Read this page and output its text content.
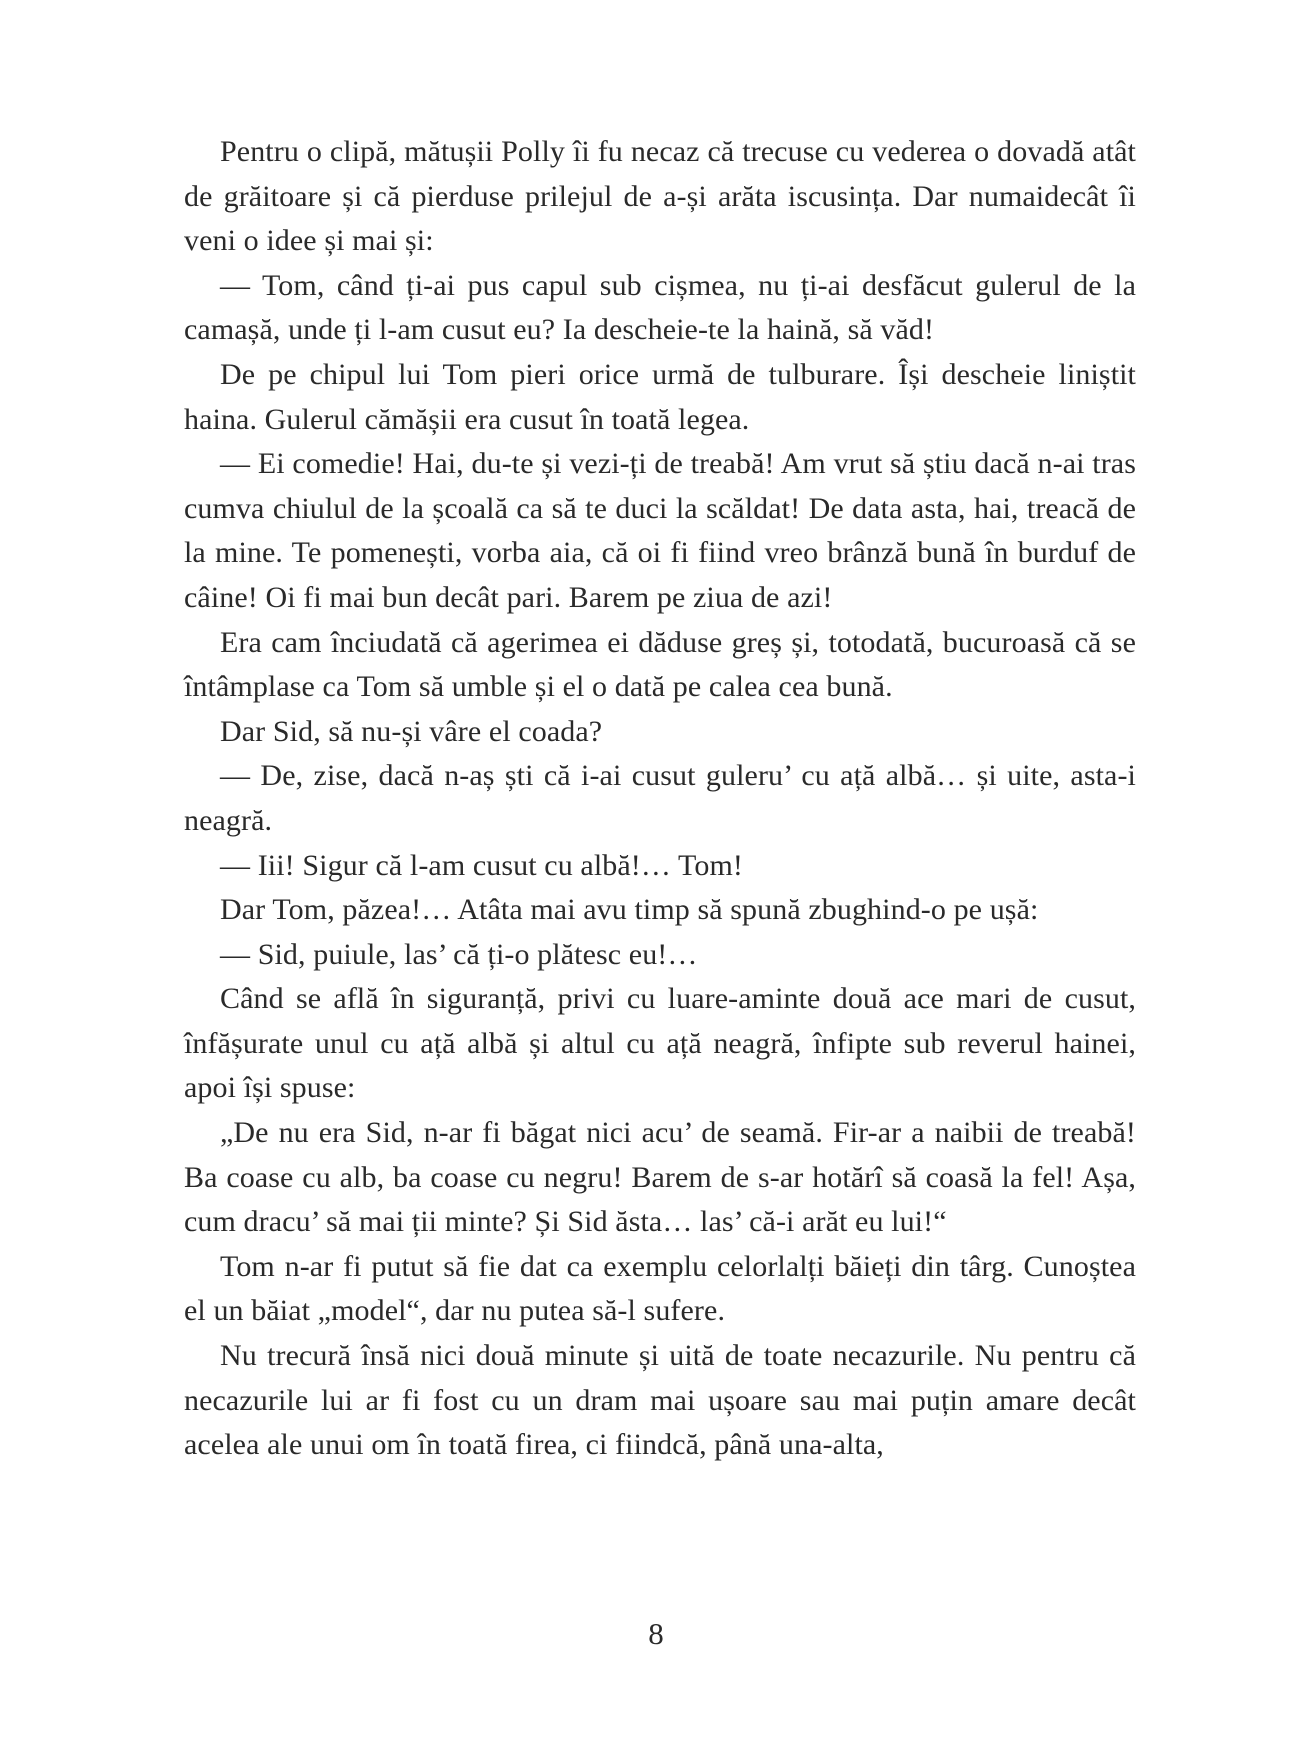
Pentru o clipă, mătușii Polly îi fu necaz că trecuse cu vederea o dovadă atât de grăitoare și că pierduse prilejul de a-și arăta iscusința. Dar numaidecât îi veni o idee și mai și:

— Tom, când ți-ai pus capul sub cișmea, nu ți-ai desfăcut gulerul de la camașă, unde ți l-am cusut eu? Ia descheie-te la haină, să văd!

De pe chipul lui Tom pieri orice urmă de tulburare. Își descheie liniștit haina. Gulerul cămășii era cusut în toată legea.

— Ei comedie! Hai, du-te și vezi-ți de treabă! Am vrut să știu dacă n-ai tras cumva chiulul de la școală ca să te duci la scăldat! De data asta, hai, treacă de la mine. Te pomenești, vorba aia, că oi fi fiind vreo brânză bună în burduf de câine! Oi fi mai bun decât pari. Barem pe ziua de azi!

Era cam înciudată că agerimea ei dăduse greș și, totodată, bucuroasă că se întâmplase ca Tom să umble și el o dată pe calea cea bună.

Dar Sid, să nu-și vâre el coada?

— De, zise, dacă n-aș ști că i-ai cusut guleru’ cu ață albă… și uite, asta-i neagră.

— Iii! Sigur că l-am cusut cu albă!… Tom!

Dar Tom, păzea!… Atâta mai avu timp să spună zbughind-o pe ușă:

— Sid, puiule, las’ că ți-o plătesc eu!…

Când se află în siguranță, privi cu luare-aminte două ace mari de cusut, înfășurate unul cu ață albă și altul cu ață neagră, înfipte sub reverul hainei, apoi își spuse:

„De nu era Sid, n-ar fi băgat nici acu’ de seamă. Fir-ar a naibii de treabă! Ba coase cu alb, ba coase cu negru! Barem de s-ar hotărî să coasă la fel! Așa, cum dracu’ să mai ții minte? Și Sid ăsta… las’ că-i arăt eu lui!“

Tom n-ar fi putut să fie dat ca exemplu celorlalți băieți din târg. Cunoștea el un băiat „model“, dar nu putea să-l sufere.

Nu trecură însă nici două minute și uită de toate necazurile. Nu pentru că necazurile lui ar fi fost cu un dram mai ușoare sau mai puțin amare decât acelea ale unui om în toată firea, ci fiindcă, până una-alta,

8
